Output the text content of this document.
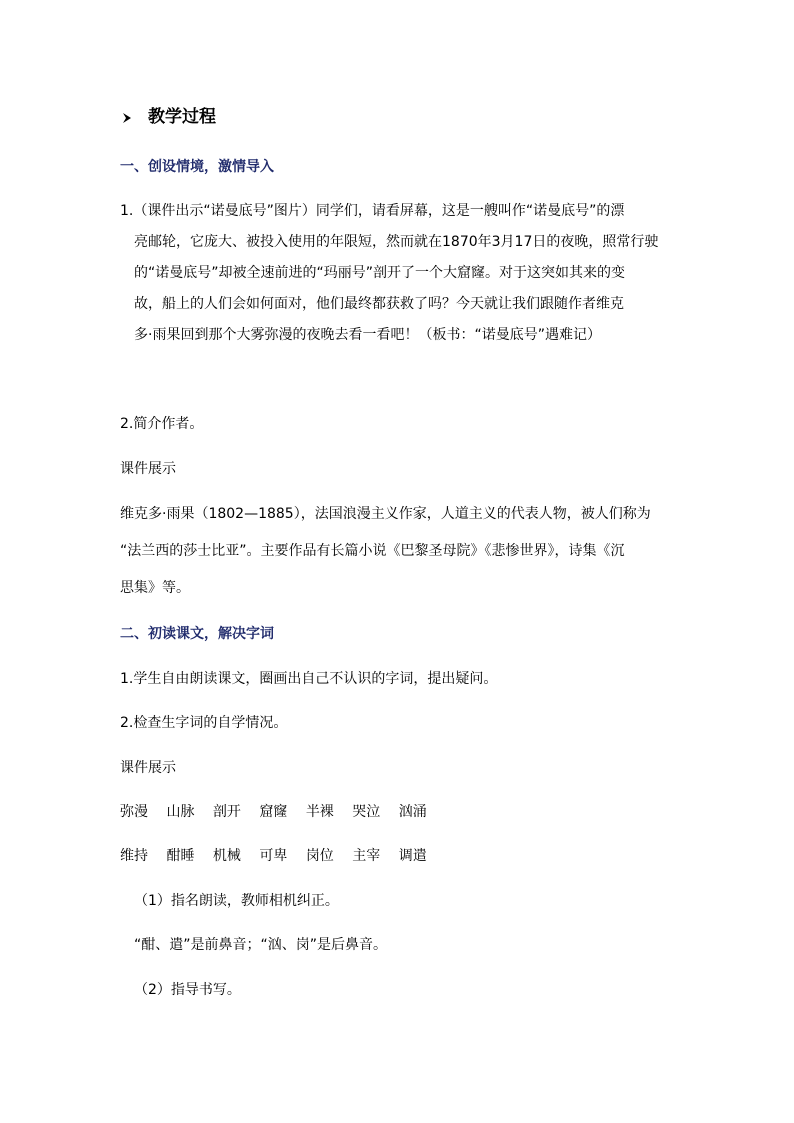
教学过程
一、创设情境，激情导入
1.（课件出示“诺曼底号”图片）同学们，请看屏幕，这是一艘叫作“诺曼底号”的漂
亮邮轮，它庞大、被投入使用的年限短，然而就在1870年3月17日的夜晚，照常行驶
的“诺曼底号”却被全速前进的“玛丽号”剖开了一个大窟窿。对于这突如其来的变
故，船上的人们会如何面对，他们最终都获救了吗？今天就让我们跟随作者维克
多·雨果回到那个大雾弥漫的夜晚去看一看吧！（板书：“诺曼底号”遇难记）
2.简介作者。
课件展示
维克多·雨果（1802—1885），法国浪漫主义作家，人道主义的代表人物，被人们称为
“法兰西的莎士比亚”。主要作品有长篇小说《巴黎圣母院》《悲惨世界》，诗集《沉
思集》等。
二、初读课文，解决字词
1.学生自由朗读课文，圈画出自己不认识的字词，提出疑问。
2.检查生字词的自学情况。
课件展示
弥漫 山脉 剖开 窟窿 半裸 哭泣 汹涌
维持 酣睡 机械 可卑 岗位 主宰 调遣
（1）指名朗读，教师相机纠正。
“酣、遣”是前鼻音；“汹、岗”是后鼻音。
（2）指导书写。
